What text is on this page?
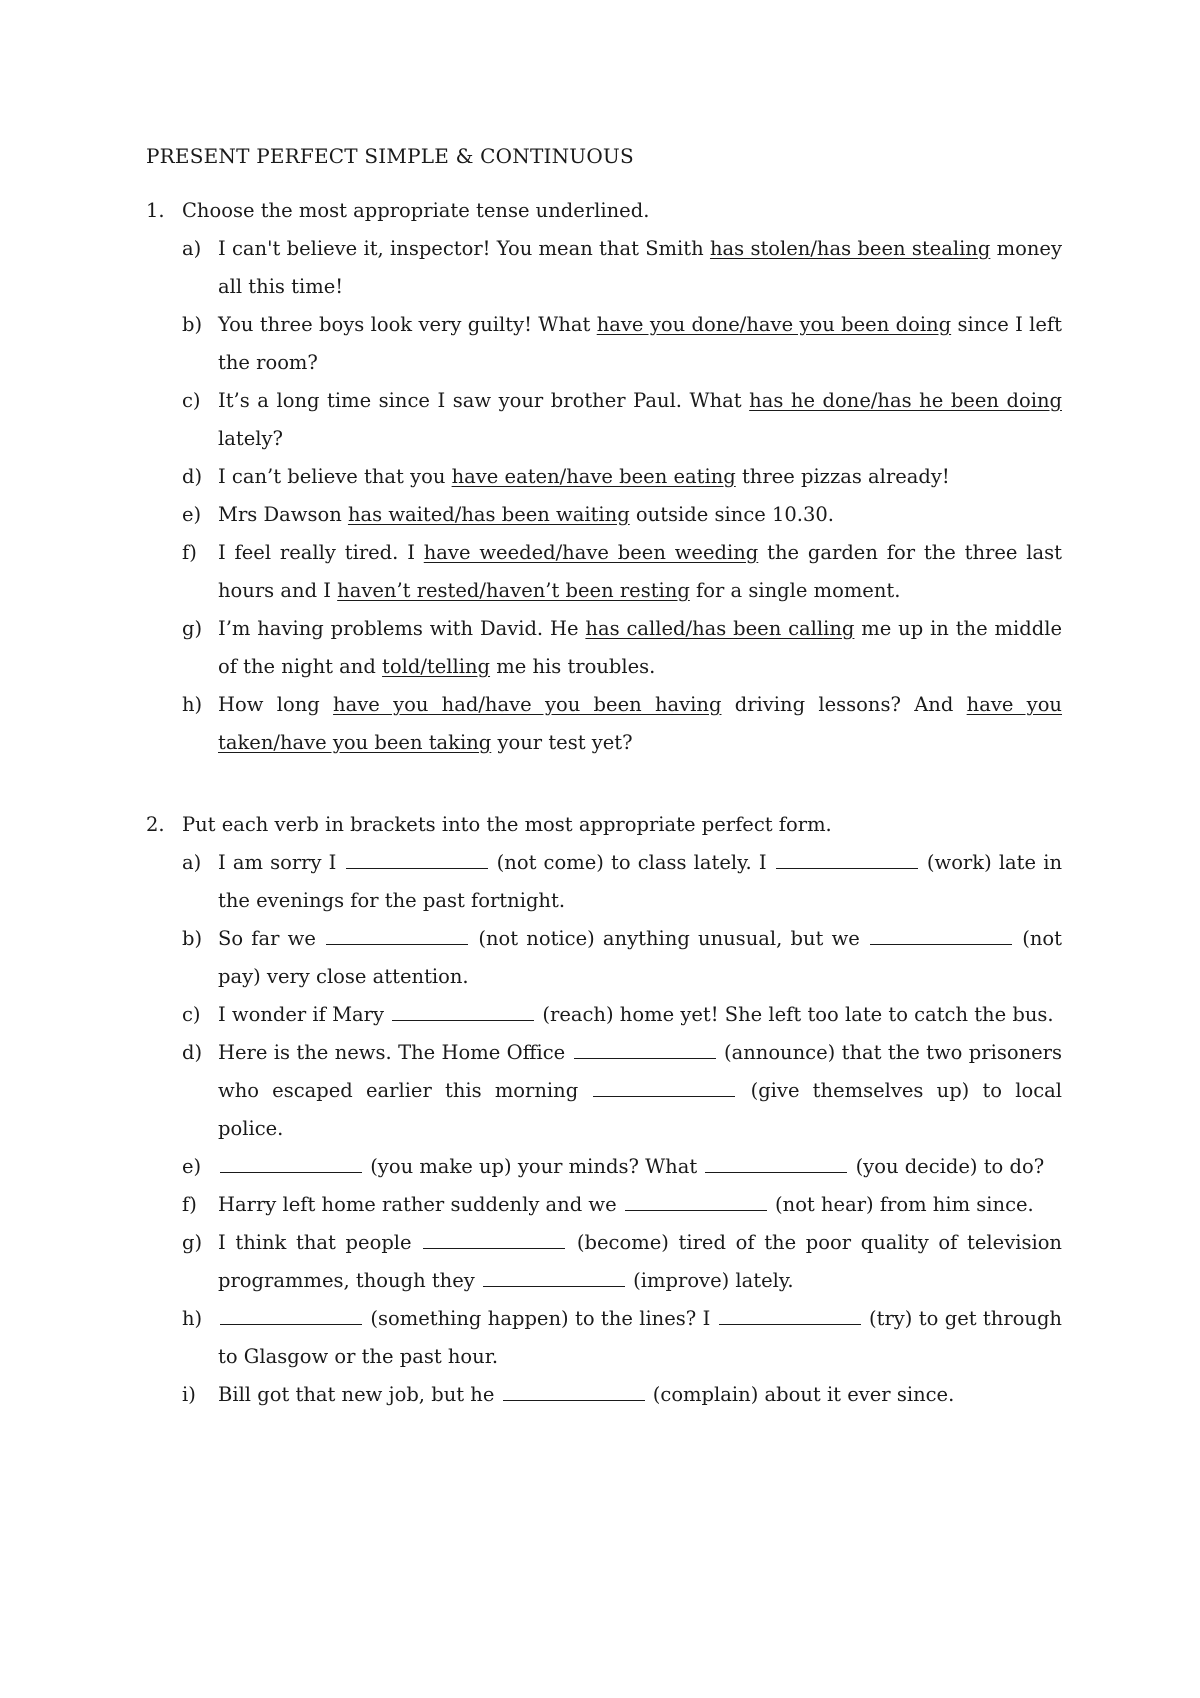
PRESENT PERFECT SIMPLE & CONTINUOUS
1. Choose the most appropriate tense underlined.
a) I can't believe it, inspector! You mean that Smith has stolen/has been stealing money all this time!
b) You three boys look very guilty! What have you done/have you been doing since I left the room?
c) It’s a long time since I saw your brother Paul. What has he done/has he been doing lately?
d) I can’t believe that you have eaten/have been eating three pizzas already!
e) Mrs Dawson has waited/has been waiting outside since 10.30.
f)	I feel really tired. I have weeded/have been weeding the garden for the three last hours and I haven’t rested/haven’t been resting for a single moment.
g) I’m having problems with David. He has called/has been calling me up in the middle of the night and told/telling me his troubles.
h) How long have you had/have you been having driving lessons? And have you taken/have you been taking your test yet?
2. Put each verb in brackets into the most appropriate perfect form.
a) I am sorry I	(not come) to class lately. I	(work) late in the evenings for the past fortnight.
b) So far we	(not notice) anything unusual, but we	(not pay) very close attention.
c) I wonder if Mary	(reach) home yet! She left too late to catch the bus.
d) Here is the news. The Home Office	(announce) that the two prisoners who escaped earlier this morning	(give themselves up) to local police.
e)	(you make up) your minds? What	(you decide) to do?
f)	Harry left home rather suddenly and we	(not hear) from him since.
g) I think that people	(become) tired of the poor quality of television programmes, though they	(improve) lately.
h)	(something happen) to the lines? I	(try) to get through to Glasgow or the past hour.
i)	Bill got that new job, but he	(complain) about it ever since.
